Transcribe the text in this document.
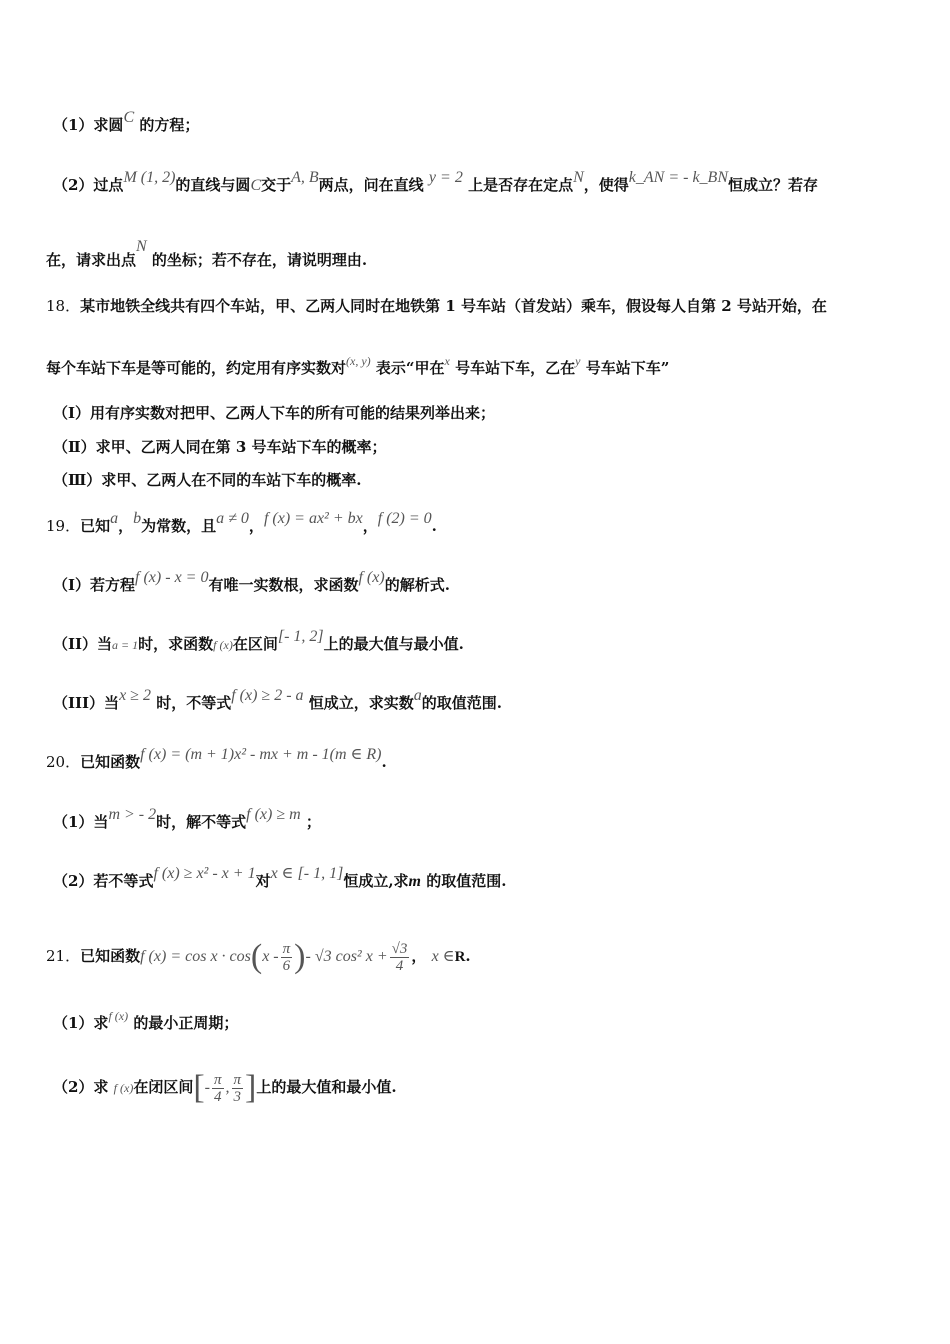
（1）求圆C 的方程；
（2）过点M (1, 2)的直线与圆C交于A, B两点，问在直线 y = 2 上是否存在定点N，使得k_AN = - k_BN恒成立？若存
在，请求出点N 的坐标；若不存在，请说明理由.
18．某市地铁全线共有四个车站，甲、乙两人同时在地铁第 1 号车站（首发站）乘车，假设每人自第 2 号站开始，在
每个车站下车是等可能的，约定用有序实数对$^{(x, y)}$ 表示“甲在$^x$ 号车站下车，乙在$^y$ 号车站下车”
（Ⅰ）用有序实数对把甲、乙两人下车的所有可能的结果列举出来；
（Ⅱ）求甲、乙两人同在第 3 号车站下车的概率；
（Ⅲ）求甲、乙两人在不同的车站下车的概率.
19．已知a，b为常数，且a ≠ 0，f (x) = ax² + bx，f (2) = 0.
（I）若方程f (x) - x = 0有唯一实数根，求函数f (x)的解析式.
（II）当a = 1时，求函数f (x)在区间[- 1, 2]上的最大值与最小值.
（III）当x ≥ 2 时，不等式f (x) ≥ 2 - a 恒成立，求实数a的取值范围.
20．已知函数f (x) = (m + 1)x² - mx + m - 1(m ∈ R).
（1）当m > - 2时，解不等式f (x) ≥ m ；
（2）若不等式f (x) ≥ x² - x + 1对x ∈ [- 1, 1]恒成立,求m 的取值范围.
21．已知函数f $(x) = \cos x \cdot \cos(x - \frac{\pi}{6}$ )- √3 cos² $x + \frac{√3}{4}$ ， x ∈R.
（1）求$^{f (x)}$ 的最小正周期；
（2）求 f (x)在闭区间[- $\frac{\pi}{4}$ , $\frac{\pi}{3}$ ]上的最大值和最小值.
